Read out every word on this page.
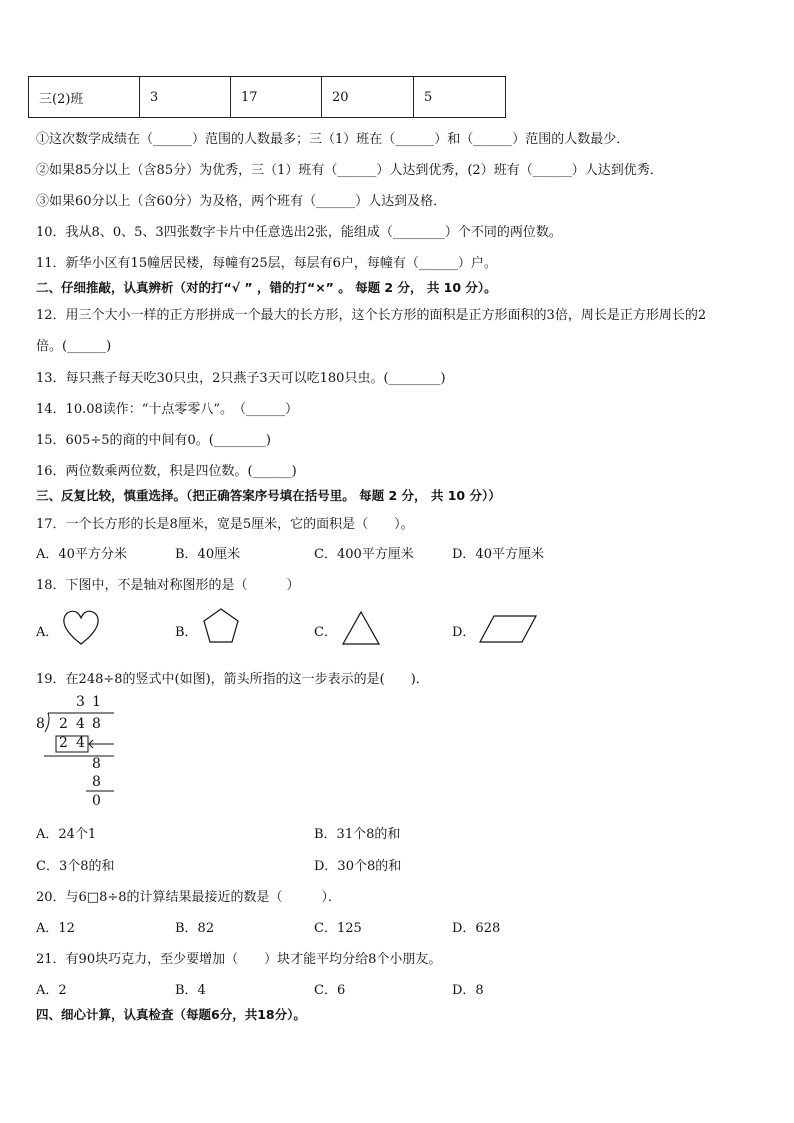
三(2)班	3	17	20	5
①这次数学成绩在（______）范围的人数最多；三（1）班在（______）和（______）范围的人数最少．
②如果85分以上（含85分）为优秀，三（1）班有（______）人达到优秀，(2）班有（______）人达到优秀．
③如果60分以上（含60分）为及格，两个班有（______）人达到及格．
10．我从8、0、5、3四张数字卡片中任意选出2张，能组成（________）个不同的两位数。
11．新华小区有15幢居民楼，每幢有25层，每层有6户，每幢有（______）户。
二、仔细推敲，认真辨析（对的打“√ ” ，错的打“×” 。 每题 2 分， 共 10 分）。
12．用三个大小一样的正方形拼成一个最大的长方形，这个长方形的面积是正方形面积的3倍，周长是正方形周长的2
倍。(______)
13．每只燕子每天吃30只虫，2只燕子3天可以吃180只虫。(________)
14．10.08读作：“十点零零八”。　（______）
15．605÷5的商的中间有0。(________)
16．两位数乘两位数，积是四位数。(______)
三、反复比较，慎重选择。（把正确答案序号填在括号里。 每题 2 分， 共 10 分））
17．一个长方形的长是8厘米，宽是5厘米，它的面积是（　　）。
A．40平方分米	B．40厘米	C．400平方厘米	D．40平方厘米
18．下图中，不是轴对称图形的是（　　　）
A．	B．	C．	D．
19．在248÷8的竖式中(如图)，箭头所指的这一步表示的是(　　)．
3 1
8 2 4 8
2 4
8
8
0
A．24个1	B．31个8的和
C．3个8的和	D．30个8的和
20．与6□8÷8的计算结果最接近的数是（　　　）．
A．12	B．82	C．125	D．628
21．有90块巧克力，至少要增加（　　）块才能平均分给8个小朋友。
A．2	B．4	C．6	D．8
四、细心计算，认真检查（每题6分，共18分）。
